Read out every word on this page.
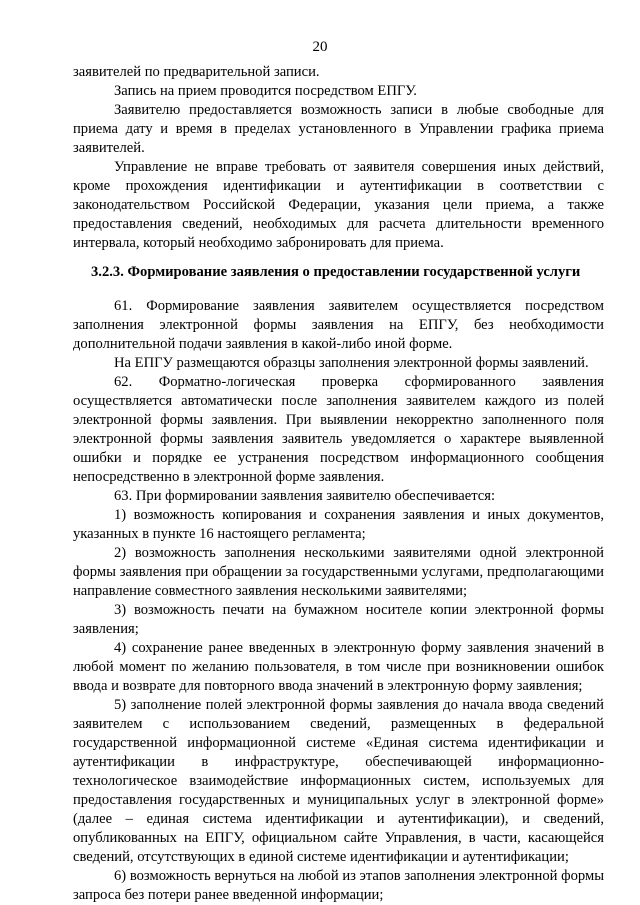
20

заявителей по предварительной записи.

Запись на прием проводится посредством ЕПГУ.

Заявителю предоставляется возможность записи в любые свободные для приема дату и время в пределах установленного в Управлении графика приема заявителей.

Управление не вправе требовать от заявителя совершения иных действий, кроме прохождения идентификации и аутентификации в соответствии с законодательством Российской Федерации, указания цели приема, а также предоставления сведений, необходимых для расчета длительности временного интервала, который необходимо забронировать для приема.

3.2.3. Формирование заявления о предоставлении государственной услуги

61. Формирование заявления заявителем осуществляется посредством заполнения электронной формы заявления на ЕПГУ, без необходимости дополнительной подачи заявления в какой-либо иной форме.

На ЕПГУ размещаются образцы заполнения электронной формы заявлений.

62. Форматно-логическая проверка сформированного заявления осуществляется автоматически после заполнения заявителем каждого из полей электронной формы заявления. При выявлении некорректно заполненного поля электронной формы заявления заявитель уведомляется о характере выявленной ошибки и порядке ее устранения посредством информационного сообщения непосредственно в электронной форме заявления.

63. При формировании заявления заявителю обеспечивается:

1) возможность копирования и сохранения заявления и иных документов, указанных в пункте 16 настоящего регламента;

2) возможность заполнения несколькими заявителями одной электронной формы заявления при обращении за государственными услугами, предполагающими направление совместного заявления несколькими заявителями;

3) возможность печати на бумажном носителе копии электронной формы заявления;

4) сохранение ранее введенных в электронную форму заявления значений в любой момент по желанию пользователя, в том числе при возникновении ошибок ввода и возврате для повторного ввода значений в электронную форму заявления;

5) заполнение полей электронной формы заявления до начала ввода сведений заявителем с использованием сведений, размещенных в федеральной государственной информационной системе «Единая система идентификации и аутентификации в инфраструктуре, обеспечивающей информационно-технологическое взаимодействие информационных систем, используемых для предоставления государственных и муниципальных услуг в электронной форме» (далее – единая система идентификации и аутентификации), и сведений, опубликованных на ЕПГУ, официальном сайте Управления, в части, касающейся сведений, отсутствующих в единой системе идентификации и аутентификации;

6) возможность вернуться на любой из этапов заполнения электронной формы запроса без потери ранее введенной информации;
